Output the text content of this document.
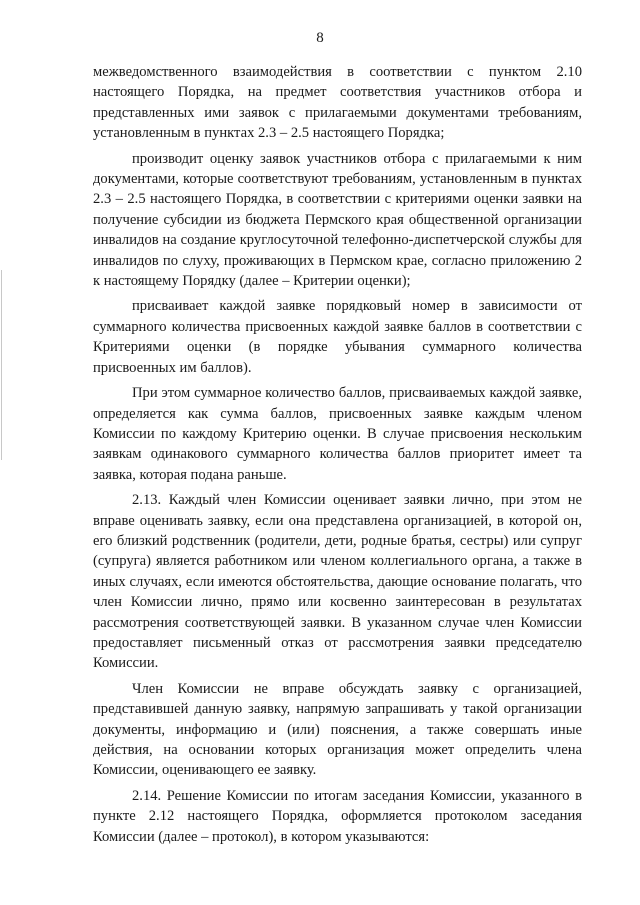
8

межведомственного взаимодействия в соответствии с пунктом 2.10 настоящего Порядка, на предмет соответствия участников отбора и представленных ими заявок с прилагаемыми документами требованиям, установленным в пунктах 2.3 – 2.5 настоящего Порядка;

производит оценку заявок участников отбора с прилагаемыми к ним документами, которые соответствуют требованиям, установленным в пунктах 2.3 – 2.5 настоящего Порядка, в соответствии с критериями оценки заявки на получение субсидии из бюджета Пермского края общественной организации инвалидов на создание круглосуточной телефонно-диспетчерской службы для инвалидов по слуху, проживающих в Пермском крае, согласно приложению 2 к настоящему Порядку (далее – Критерии оценки);

присваивает каждой заявке порядковый номер в зависимости от суммарного количества присвоенных каждой заявке баллов в соответствии с Критериями оценки (в порядке убывания суммарного количества присвоенных им баллов).

При этом суммарное количество баллов, присваиваемых каждой заявке, определяется как сумма баллов, присвоенных заявке каждым членом Комиссии по каждому Критерию оценки. В случае присвоения нескольким заявкам одинакового суммарного количества баллов приоритет имеет та заявка, которая подана раньше.

2.13. Каждый член Комиссии оценивает заявки лично, при этом не вправе оценивать заявку, если она представлена организацией, в которой он, его близкий родственник (родители, дети, родные братья, сестры) или супруг (супруга) является работником или членом коллегиального органа, а также в иных случаях, если имеются обстоятельства, дающие основание полагать, что член Комиссии лично, прямо или косвенно заинтересован в результатах рассмотрения соответствующей заявки. В указанном случае член Комиссии предоставляет письменный отказ от рассмотрения заявки председателю Комиссии.

Член Комиссии не вправе обсуждать заявку с организацией, представившей данную заявку, напрямую запрашивать у такой организации документы, информацию и (или) пояснения, а также совершать иные действия, на основании которых организация может определить члена Комиссии, оценивающего ее заявку.

2.14. Решение Комиссии по итогам заседания Комиссии, указанного в пункте 2.12 настоящего Порядка, оформляется протоколом заседания Комиссии (далее – протокол), в котором указываются:
